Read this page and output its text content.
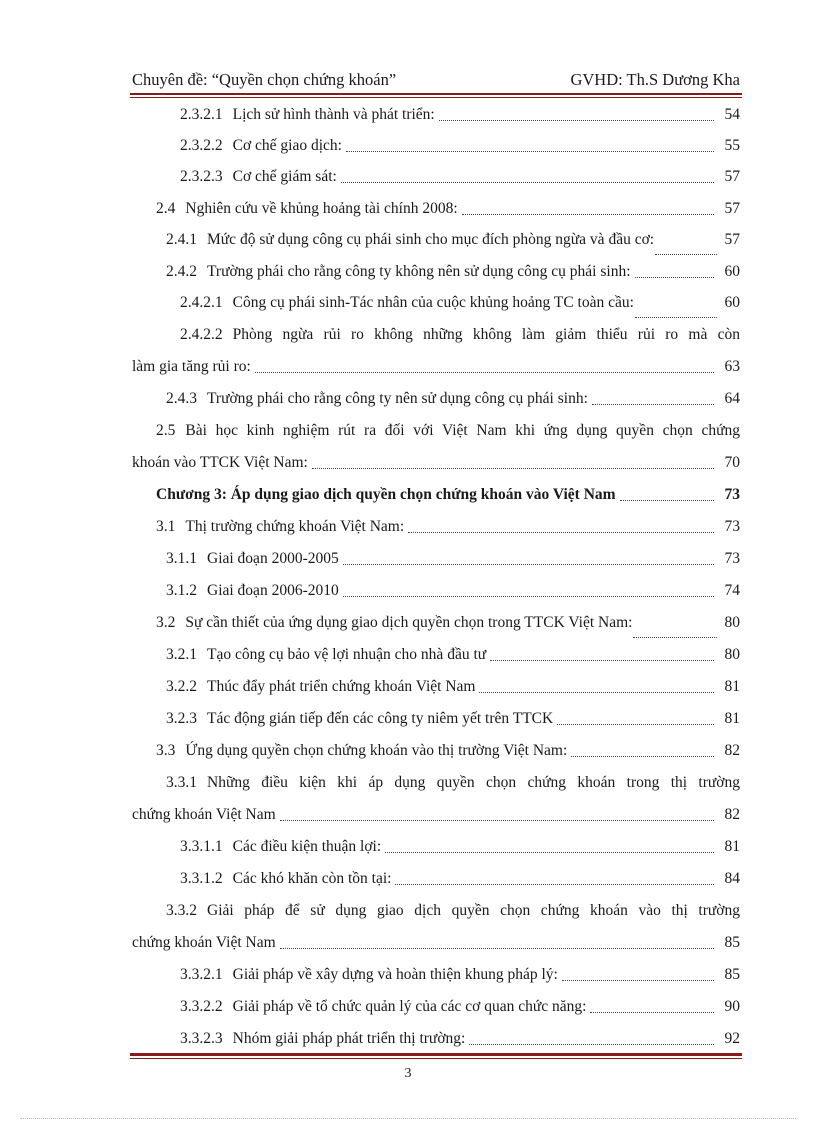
Chuyên đề: “Quyền chọn chứng khoán”	GVHD: Th.S Dương Kha
2.3.2.1 Lịch sử hình thành và phát triển:	54
2.3.2.2 Cơ chế giao dịch:	55
2.3.2.3 Cơ chế giám sát:	57
2.4 Nghiên cứu về khủng hoảng tài chính 2008:	57
2.4.1 Mức độ sử dụng công cụ phái sinh cho mục đích phòng ngừa và đầu cơ:	57
2.4.2 Trường phái cho rằng công ty không nên sử dụng công cụ phái sinh:	60
2.4.2.1 Công cụ phái sinh-Tác nhân của cuộc khủng hoảng TC toàn cầu:	60
2.4.2.2 Phòng ngừa rủi ro không những không làm giảm thiểu rủi ro mà còn
làm gia tăng rủi ro:	63
2.4.3 Trường phái cho rằng công ty nên sử dụng công cụ phái sinh:	64
2.5 Bài học kinh nghiệm rút ra đối với Việt Nam khi ứng dụng quyền chọn chứng
khoán vào TTCK Việt Nam:	70
Chương 3: Áp dụng giao dịch quyền chọn chứng khoán vào Việt Nam	73
3.1 Thị trường chứng khoán Việt Nam:	73
3.1.1 Giai đoạn 2000-2005	73
3.1.2 Giai đoạn 2006-2010	74
3.2 Sự cần thiết của ứng dụng giao dịch quyền chọn trong TTCK Việt Nam:	80
3.2.1 Tạo công cụ bảo vệ lợi nhuận cho nhà đầu tư	80
3.2.2 Thúc đẩy phát triển chứng khoán Việt Nam	81
3.2.3 Tác động gián tiếp đến các công ty niêm yết trên TTCK	81
3.3 Ứng dụng quyền chọn chứng khoán vào thị trường Việt Nam:	82
3.3.1 Những điều kiện khi áp dụng quyền chọn chứng khoán trong thị trường
chứng khoán Việt Nam	82
3.3.1.1 Các điều kiện thuận lợi:	81
3.3.1.2 Các khó khăn còn tồn tại:	84
3.3.2 Giải pháp để sử dụng giao dịch quyền chọn chứng khoán vào thị trường
chứng khoán Việt Nam	85
3.3.2.1 Giải pháp về xây dựng và hoàn thiện khung pháp lý:	85
3.3.2.2 Giải pháp về tổ chức quản lý của các cơ quan chức năng:	90
3.3.2.3 Nhóm giải pháp phát triển thị trường:	92
3
